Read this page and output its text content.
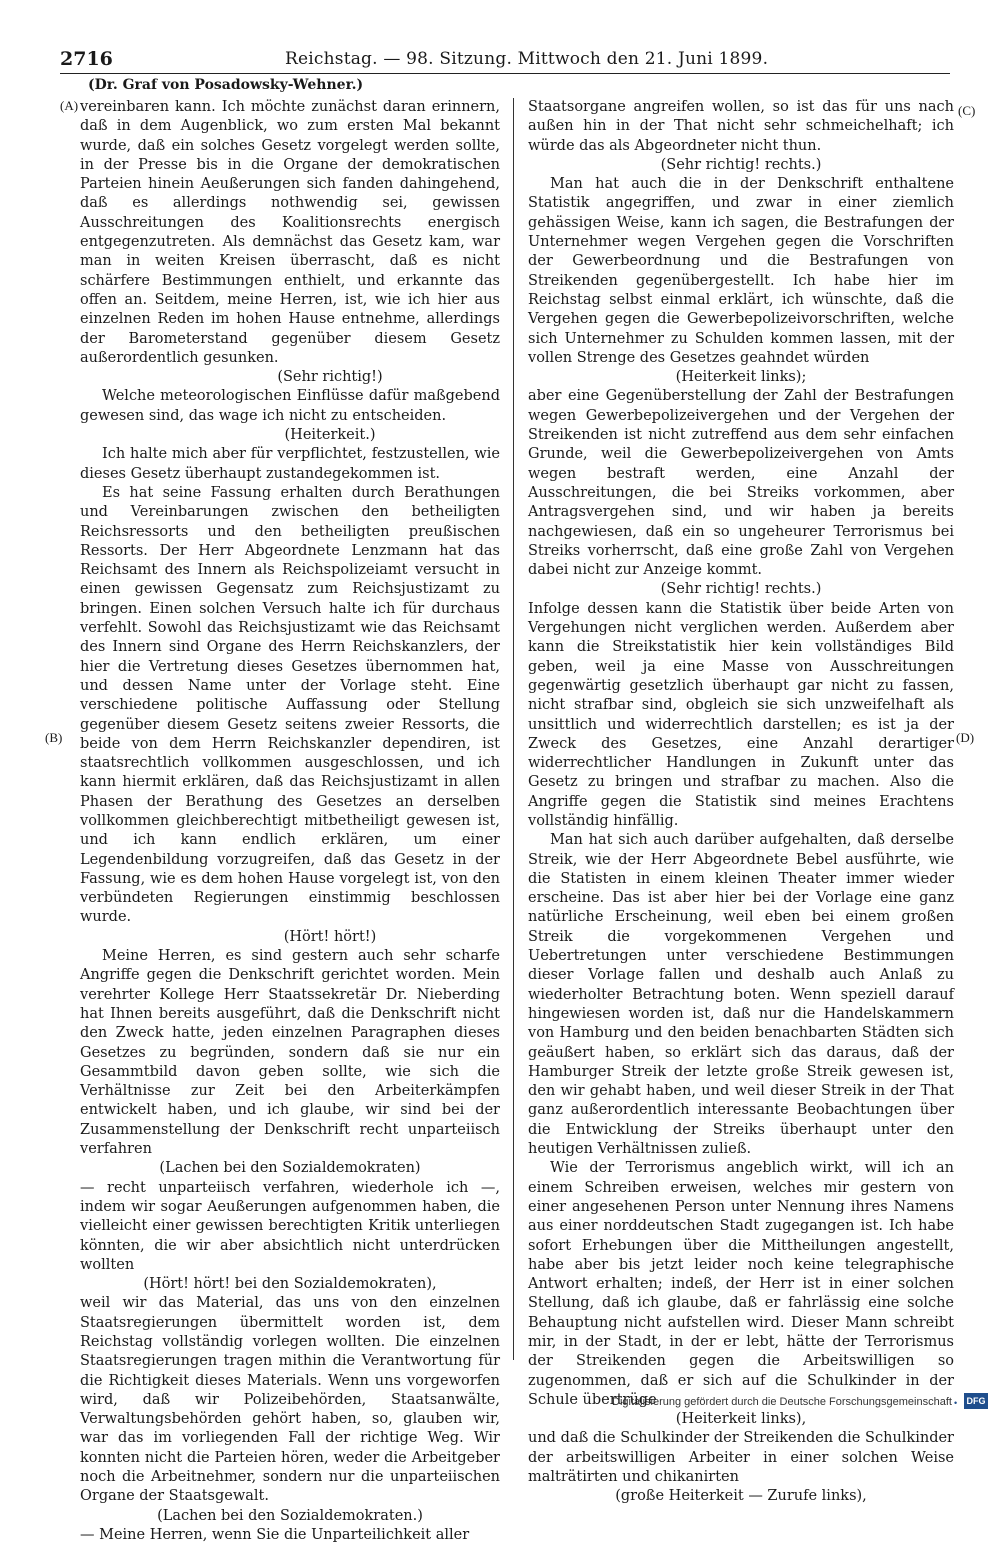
2716	Reichstag. — 98. Sitzung. Mittwoch den 21. Juni 1899.
(Dr. Graf von Posadowsky-Wehner.)
(A)
(B)
(C)
(D)

vereinbaren kann. Ich möchte zunächst daran erinnern, daß in dem Augenblick, wo zum ersten Mal bekannt wurde, daß ein solches Gesetz vorgelegt werden sollte, in der Presse bis in die Organe der demokratischen Parteien hinein Aeußerungen sich fanden dahingehend, daß es allerdings nothwendig sei, gewissen Ausschreitungen des Koalitionsrechts energisch entgegenzutreten. Als demnächst das Gesetz kam, war man in weiten Kreisen überrascht, daß es nicht schärfere Bestimmungen enthielt, und erkannte das offen an. Seitdem, meine Herren, ist, wie ich hier aus einzelnen Reden im hohen Hause entnehme, allerdings der Barometerstand gegenüber diesem Gesetz außerordentlich gesunken.

(Sehr richtig!)

Welche meteorologischen Einflüsse dafür maßgebend gewesen sind, das wage ich nicht zu entscheiden.

(Heiterkeit.)

Ich halte mich aber für verpflichtet, festzustellen, wie dieses Gesetz überhaupt zustandegekommen ist.

Es hat seine Fassung erhalten durch Berathungen und Vereinbarungen zwischen den betheiligten Reichsressorts und den betheiligten preußischen Ressorts. Der Herr Abgeordnete Lenzmann hat das Reichsamt des Innern als Reichspolizeiamt versucht in einen gewissen Gegensatz zum Reichsjustizamt zu bringen. Einen solchen Versuch halte ich für durchaus verfehlt. Sowohl das Reichsjustizamt wie das Reichsamt des Innern sind Organe des Herrn Reichskanzlers, der hier die Vertretung dieses Gesetzes übernommen hat, und dessen Name unter der Vorlage steht. Eine verschiedene politische Auffassung oder Stellung gegenüber diesem Gesetz seitens zweier Ressorts, die beide von dem Herrn Reichskanzler dependiren, ist staatsrechtlich vollkommen ausgeschlossen, und ich kann hiermit erklären, daß das Reichsjustizamt in allen Phasen der Berathung des Gesetzes an derselben vollkommen gleichberechtigt mitbetheiligt gewesen ist, und ich kann endlich erklären, um einer Legendenbildung vorzugreifen, daß das Gesetz in der Fassung, wie es dem hohen Hause vorgelegt ist, von den verbündeten Regierungen einstimmig beschlossen wurde.

(Hört! hört!)

Meine Herren, es sind gestern auch sehr scharfe Angriffe gegen die Denkschrift gerichtet worden. Mein verehrter Kollege Herr Staatssekretär Dr. Nieberding hat Ihnen bereits ausgeführt, daß die Denkschrift nicht den Zweck hatte, jeden einzelnen Paragraphen dieses Gesetzes zu begründen, sondern daß sie nur ein Gesammtbild davon geben sollte, wie sich die Verhältnisse zur Zeit bei den Arbeiterkämpfen entwickelt haben, und ich glaube, wir sind bei der Zusammenstellung der Denkschrift recht unparteiisch verfahren

(Lachen bei den Sozialdemokraten)

— recht unparteiisch verfahren, wiederhole ich —, indem wir sogar Aeußerungen aufgenommen haben, die vielleicht einer gewissen berechtigten Kritik unterliegen könnten, die wir aber absichtlich nicht unterdrücken wollten

(Hört! hört! bei den Sozialdemokraten),

weil wir das Material, das uns von den einzelnen Staatsregierungen übermittelt worden ist, dem Reichstag vollständig vorlegen wollten. Die einzelnen Staatsregierungen tragen mithin die Verantwortung für die Richtigkeit dieses Materials. Wenn uns vorgeworfen wird, daß wir Polizeibehörden, Staatsanwälte, Verwaltungsbehörden gehört haben, so, glauben wir, war das im vorliegenden Fall der richtige Weg. Wir konnten nicht die Parteien hören, weder die Arbeitgeber noch die Arbeitnehmer, sondern nur die unparteiischen Organe der Staatsgewalt.

(Lachen bei den Sozialdemokraten.)

— Meine Herren, wenn Sie die Unparteilichkeit aller

Staatsorgane angreifen wollen, so ist das für uns nach außen hin in der That nicht sehr schmeichelhaft; ich würde das als Abgeordneter nicht thun.

(Sehr richtig! rechts.)

Man hat auch die in der Denkschrift enthaltene Statistik angegriffen, und zwar in einer ziemlich gehässigen Weise, kann ich sagen, die Bestrafungen der Unternehmer wegen Vergehen gegen die Vorschriften der Gewerbeordnung und die Bestrafungen von Streikenden gegenübergestellt. Ich habe hier im Reichstag selbst einmal erklärt, ich wünschte, daß die Vergehen gegen die Gewerbepolizeivorschriften, welche sich Unternehmer zu Schulden kommen lassen, mit der vollen Strenge des Gesetzes geahndet würden

(Heiterkeit links);

aber eine Gegenüberstellung der Zahl der Bestrafungen wegen Gewerbepolizeivergehen und der Vergehen der Streikenden ist nicht zutreffend aus dem sehr einfachen Grunde, weil die Gewerbepolizeivergehen von Amts wegen bestraft werden, eine Anzahl der Ausschreitungen, die bei Streiks vorkommen, aber Antragsvergehen sind, und wir haben ja bereits nachgewiesen, daß ein so ungeheurer Terrorismus bei Streiks vorherrscht, daß eine große Zahl von Vergehen dabei nicht zur Anzeige kommt.

(Sehr richtig! rechts.)

Infolge dessen kann die Statistik über beide Arten von Vergehungen nicht verglichen werden. Außerdem aber kann die Streikstatistik hier kein vollständiges Bild geben, weil ja eine Masse von Ausschreitungen gegenwärtig gesetzlich überhaupt gar nicht zu fassen, nicht strafbar sind, obgleich sie sich unzweifelhaft als unsittlich und widerrechtlich darstellen; es ist ja der Zweck des Gesetzes, eine Anzahl derartiger widerrechtlicher Handlungen in Zukunft unter das Gesetz zu bringen und strafbar zu machen. Also die Angriffe gegen die Statistik sind meines Erachtens vollständig hinfällig.

Man hat sich auch darüber aufgehalten, daß derselbe Streik, wie der Herr Abgeordnete Bebel ausführte, wie die Statisten in einem kleinen Theater immer wieder erscheine. Das ist aber hier bei der Vorlage eine ganz natürliche Erscheinung, weil eben bei einem großen Streik die vorgekommenen Vergehen und Uebertretungen unter verschiedene Bestimmungen dieser Vorlage fallen und deshalb auch Anlaß zu wiederholter Betrachtung boten. Wenn speziell darauf hingewiesen worden ist, daß nur die Handelskammern von Hamburg und den beiden benachbarten Städten sich geäußert haben, so erklärt sich das daraus, daß der Hamburger Streik der letzte große Streik gewesen ist, den wir gehabt haben, und weil dieser Streik in der That ganz außerordentlich interessante Beobachtungen über die Entwicklung der Streiks überhaupt unter den heutigen Verhältnissen zuließ.

Wie der Terrorismus angeblich wirkt, will ich an einem Schreiben erweisen, welches mir gestern von einer angesehenen Person unter Nennung ihres Namens aus einer norddeutschen Stadt zugegangen ist. Ich habe sofort Erhebungen über die Mittheilungen angestellt, habe aber bis jetzt leider noch keine telegraphische Antwort erhalten; indeß, der Herr ist in einer solchen Stellung, daß ich glaube, daß er fahrlässig eine solche Behauptung nicht aufstellen wird. Dieser Mann schreibt mir, in der Stadt, in der er lebt, hätte der Terrorismus der Streikenden gegen die Arbeitswilligen so zugenommen, daß er sich auf die Schulkinder in der Schule übertrüge

(Heiterkeit links),

und daß die Schulkinder der Streikenden die Schulkinder der arbeitswilligen Arbeiter in einer solchen Weise malträtirten und chikanirten

(große Heiterkeit — Zurufe links),

Digitalisierung gefördert durch die Deutsche Forschungsgemeinschaft • DFG
